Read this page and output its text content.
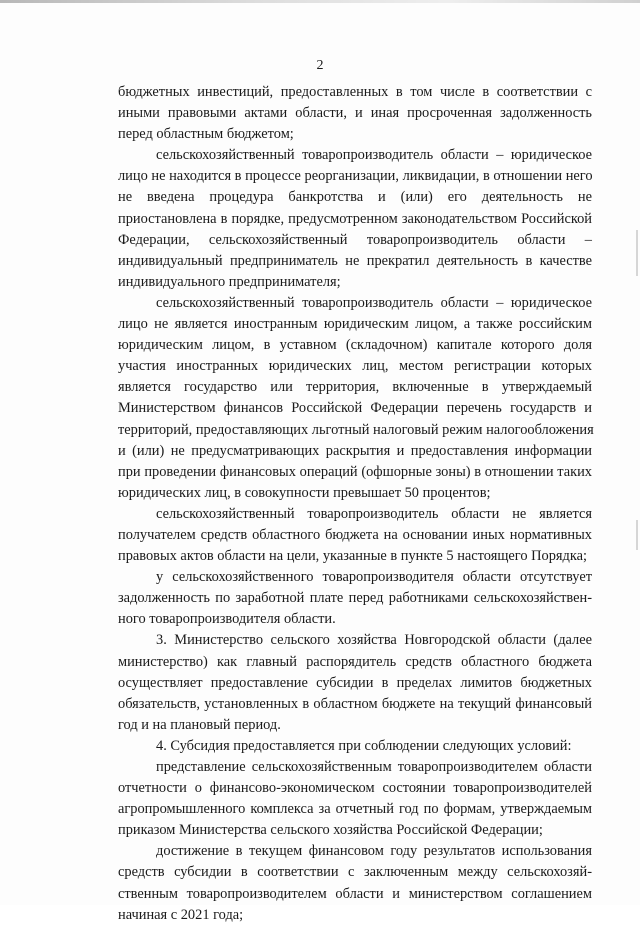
2
бюджетных инвестиций, предоставленных в том числе в соответствии с
иными правовыми актами области, и иная просроченная задолженность
перед областным бюджетом;
сельскохозяйственный товаропроизводитель области – юридическое
лицо не находится в процессе реорганизации, ликвидации, в отношении него
не введена процедура банкротства и (или) его деятельность не
приостановлена в порядке, предусмотренном законодательством Российской
Федерации, сельскохозяйственный товаропроизводитель области –
индивидуальный предприниматель не прекратил деятельность в качестве
индивидуального предпринимателя;
сельскохозяйственный товаропроизводитель области – юридическое
лицо не является иностранным юридическим лицом, а также российским
юридическим лицом, в уставном (складочном) капитале которого доля
участия иностранных юридических лиц, местом регистрации которых
является государство или территория, включенные в утверждаемый
Министерством финансов Российской Федерации перечень государств и
территорий, предоставляющих льготный налоговый режим налогообложения
и (или) не предусматривающих раскрытия и предоставления информации
при проведении финансовых операций (офшорные зоны) в отношении таких
юридических лиц, в совокупности превышает 50 процентов;
сельскохозяйственный товаропроизводитель области не является
получателем средств областного бюджета на основании иных нормативных
правовых актов области на цели, указанные в пункте 5 настоящего Порядка;
у сельскохозяйственного товаропроизводителя области отсутствует
задолженность по заработной плате перед работниками сельскохозяйствен-
ного товаропроизводителя области.
3. Министерство сельского хозяйства Новгородской области (далее
министерство) как главный распорядитель средств областного бюджета
осуществляет предоставление субсидии в пределах лимитов бюджетных
обязательств, установленных в областном бюджете на текущий финансовый
год и на плановый период.
4. Субсидия предоставляется при соблюдении следующих условий:
представление сельскохозяйственным товаропроизводителем области
отчетности о финансово-экономическом состоянии товаропроизводителей
агропромышленного комплекса за отчетный год по формам, утверждаемым
приказом Министерства сельского хозяйства Российской Федерации;
достижение в текущем финансовом году результатов использования
средств субсидии в соответствии с заключенным между сельскохозяй-
ственным товаропроизводителем области и министерством соглашением
начиная с 2021 года;
